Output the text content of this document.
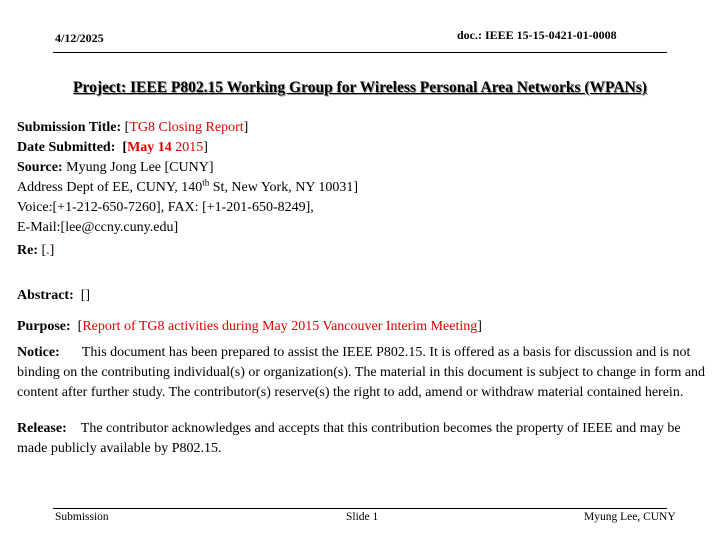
4/12/2025	doc.: IEEE 15-15-0421-01-0008
Project: IEEE P802.15 Working Group for Wireless Personal Area Networks (WPANs)
Submission Title: [TG8 Closing Report]
Date Submitted: [May 14 2015]
Source: Myung Jong Lee [CUNY]
Address Dept of EE, CUNY, 140th St, New York, NY 10031]
Voice:[+1-212-650-7260], FAX: [+1-201-650-8249],
E-Mail:[lee@ccny.cuny.edu]
Re: [.]
Abstract: []
Purpose:  [Report of TG8 activities during May 2015 Vancouver Interim Meeting]
Notice: This document has been prepared to assist the IEEE P802.15. It is offered as a basis for discussion and is not binding on the contributing individual(s) or organization(s). The material in this document is subject to change in form and content after further study. The contributor(s) reserve(s) the right to add, amend or withdraw material contained herein.
Release: The contributor acknowledges and accepts that this contribution becomes the property of IEEE and may be made publicly available by P802.15.
Submission	Slide 1	Myung Lee, CUNY
